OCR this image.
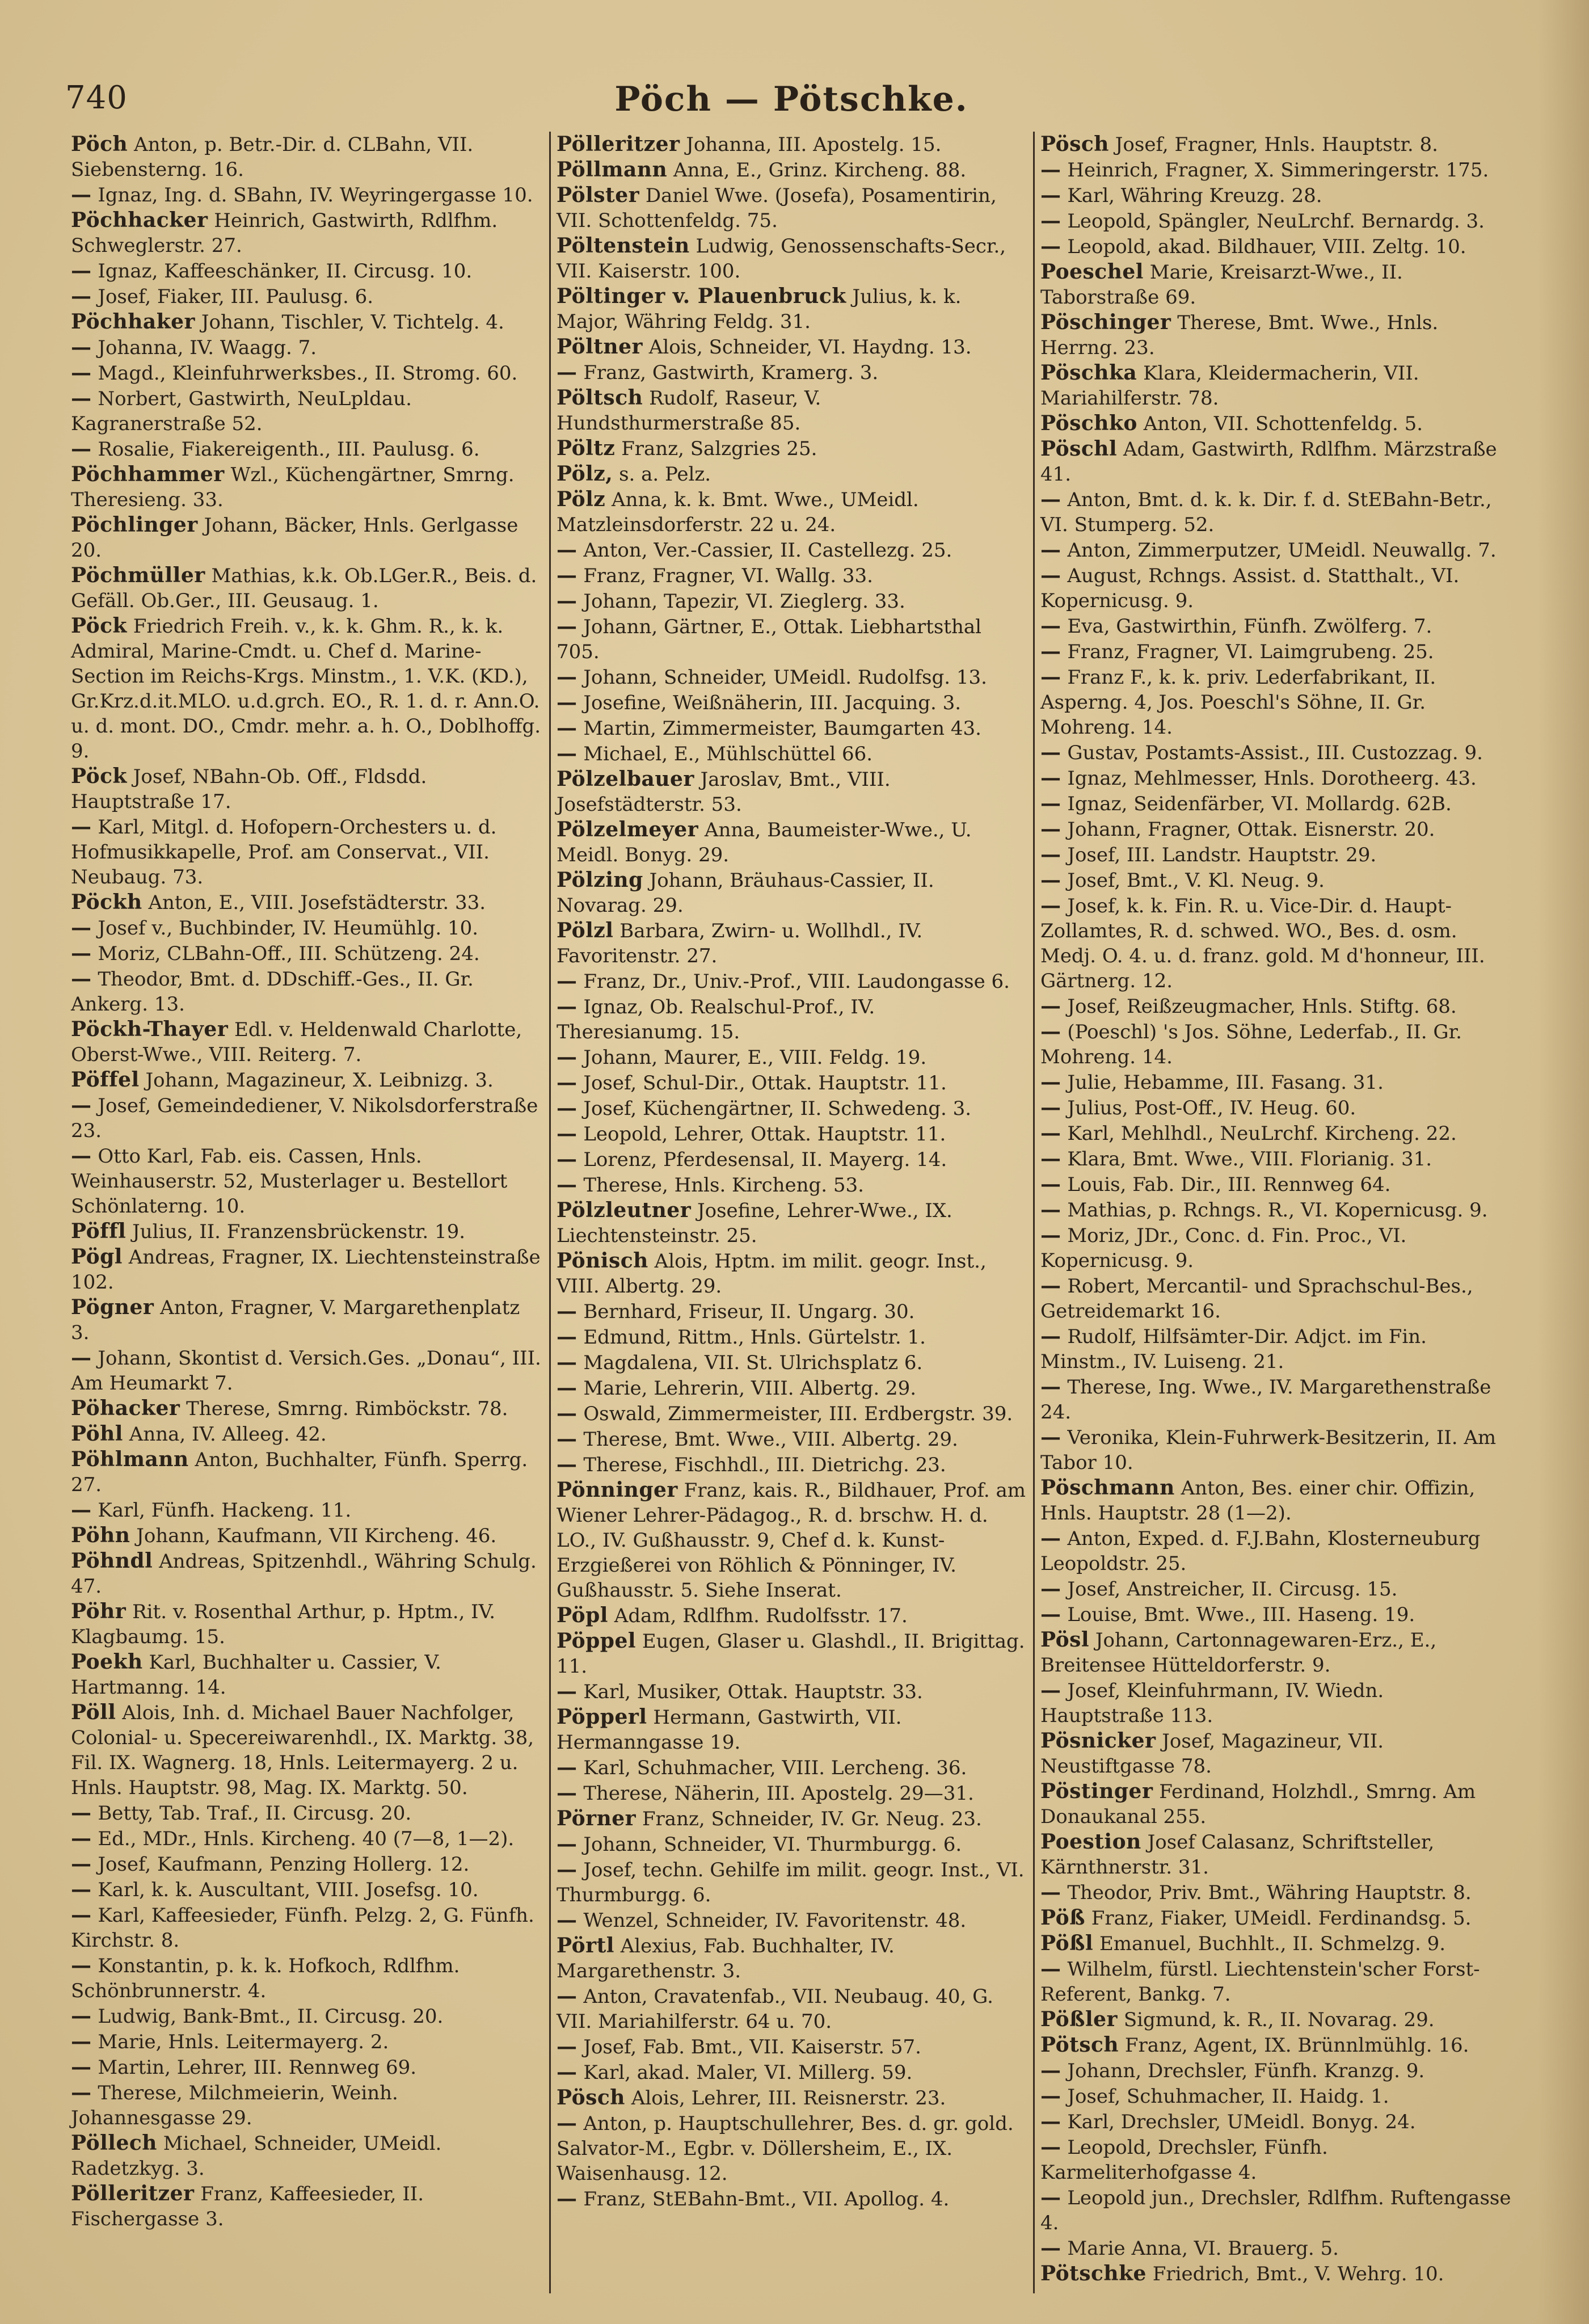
740	Pöch — Pötschke.

Pöch Anton, p. Betr.-Dir. d. CLBahn, VII. Siebensterng. 16.

— Ignaz, Ing. d. SBahn, IV. Weyringergasse 10.

Pöchhacker Heinrich, Gastwirth, Rdlfhm. Schweglerstr. 27.

— Ignaz, Kaffeeschänker, II. Circusg. 10.

— Josef, Fiaker, III. Paulusg. 6.

Pöchhaker Johann, Tischler, V. Tichtelg. 4.

— Johanna, IV. Waagg. 7.

— Magd., Kleinfuhrwerksbes., II. Stromg. 60.

— Norbert, Gastwirth, NeuLpldau. Kagranerstraße 52.

— Rosalie, Fiakereigenth., III. Paulusg. 6.

Pöchhammer Wzl., Küchengärtner, Smrng. Theresieng. 33.

Pöchlinger Johann, Bäcker, Hnls. Gerlgasse 20.

Pöchmüller Mathias, k.k. Ob.LGer.R., Beis. d. Gefäll. Ob.Ger., III. Geusaug. 1.

Pöck Friedrich Freih. v., k. k. Ghm. R., k. k. Admiral, Marine-Cmdt. u. Chef d. Marine-Section im Reichs-Krgs. Minstm., 1. V.K. (KD.), Gr.Krz.d.it.MLO. u.d.grch. EO., R. 1. d. r. Ann.O. u. d. mont. DO., Cmdr. mehr. a. h. O., Doblhoffg. 9.

Pöck Josef, NBahn-Ob. Off., Fldsdd. Hauptstraße 17.

— Karl, Mitgl. d. Hofopern-Orchesters u. d. Hofmusikkapelle, Prof. am Conservat., VII. Neubaug. 73.

Pöckh Anton, E., VIII. Josefstädterstr. 33.

— Josef v., Buchbinder, IV. Heumühlg. 10.

— Moriz, CLBahn-Off., III. Schützeng. 24.

— Theodor, Bmt. d. DDschiff.-Ges., II. Gr. Ankerg. 13.

Pöckh-Thayer Edl. v. Heldenwald Charlotte, Oberst-Wwe., VIII. Reiterg. 7.

Pöffel Johann, Magazineur, X. Leibnizg. 3.

— Josef, Gemeindediener, V. Nikolsdorferstraße 23.

— Otto Karl, Fab. eis. Cassen, Hnls. Weinhauserstr. 52, Musterlager u. Bestellort Schönlaterng. 10.

Pöffl Julius, II. Franzensbrückenstr. 19.

Pögl Andreas, Fragner, IX. Liechtensteinstraße 102.

Pögner Anton, Fragner, V. Margarethenplatz 3.

— Johann, Skontist d. Versich.Ges. „Donau“, III. Am Heumarkt 7.

Pöhacker Therese, Smrng. Rimböckstr. 78.

Pöhl Anna, IV. Alleeg. 42.

Pöhlmann Anton, Buchhalter, Fünfh. Sperrg. 27.

— Karl, Fünfh. Hackeng. 11.

Pöhn Johann, Kaufmann, VII Kircheng. 46.

Pöhndl Andreas, Spitzenhdl., Währing Schulg. 47.

Pöhr Rit. v. Rosenthal Arthur, p. Hptm., IV. Klagbaumg. 15.

Poekh Karl, Buchhalter u. Cassier, V. Hartmanng. 14.

Pöll Alois, Inh. d. Michael Bauer Nachfolger, Colonial- u. Specereiwarenhdl., IX. Marktg. 38, Fil. IX. Wagnerg. 18, Hnls. Leitermayerg. 2 u. Hnls. Hauptstr. 98, Mag. IX. Marktg. 50.

— Betty, Tab. Traf., II. Circusg. 20.

— Ed., MDr., Hnls. Kircheng. 40 (7—8, 1—2).

— Josef, Kaufmann, Penzing Hollerg. 12.

— Karl, k. k. Auscultant, VIII. Josefsg. 10.

— Karl, Kaffeesieder, Fünfh. Pelzg. 2, G. Fünfh. Kirchstr. 8.

— Konstantin, p. k. k. Hofkoch, Rdlfhm. Schönbrunnerstr. 4.

— Ludwig, Bank-Bmt., II. Circusg. 20.

— Marie, Hnls. Leitermayerg. 2.

— Martin, Lehrer, III. Rennweg 69.

— Therese, Milchmeierin, Weinh. Johannesgasse 29.

Pöllech Michael, Schneider, UMeidl. Radetzkyg. 3.

Pölleritzer Franz, Kaffeesieder, II. Fischergasse 3.

Pölleritzer Johanna, III. Apostelg. 15.

Pöllmann Anna, E., Grinz. Kircheng. 88.

Pölster Daniel Wwe. (Josefa), Posamentirin, VII. Schottenfeldg. 75.

Pöltenstein Ludwig, Genossenschafts-Secr., VII. Kaiserstr. 100.

Pöltinger v. Plauenbruck Julius, k. k. Major, Währing Feldg. 31.

Pöltner Alois, Schneider, VI. Haydng. 13.

— Franz, Gastwirth, Kramerg. 3.

Pöltsch Rudolf, Raseur, V. Hundsthurmerstraße 85.

Pöltz Franz, Salzgries 25.

Pölz, s. a. Pelz.

Pölz Anna, k. k. Bmt. Wwe., UMeidl. Matzleinsdorferstr. 22 u. 24.

— Anton, Ver.-Cassier, II. Castellezg. 25.

— Franz, Fragner, VI. Wallg. 33.

— Johann, Tapezir, VI. Zieglerg. 33.

— Johann, Gärtner, E., Ottak. Liebhartsthal 705.

— Johann, Schneider, UMeidl. Rudolfsg. 13.

— Josefine, Weißnäherin, III. Jacquing. 3.

— Martin, Zimmermeister, Baumgarten 43.

— Michael, E., Mühlschüttel 66.

Pölzelbauer Jaroslav, Bmt., VIII. Josefstädterstr. 53.

Pölzelmeyer Anna, Baumeister-Wwe., U. Meidl. Bonyg. 29.

Pölzing Johann, Bräuhaus-Cassier, II. Novarag. 29.

Pölzl Barbara, Zwirn- u. Wollhdl., IV. Favoritenstr. 27.

— Franz, Dr., Univ.-Prof., VIII. Laudongasse 6.

— Ignaz, Ob. Realschul-Prof., IV. Theresianumg. 15.

— Johann, Maurer, E., VIII. Feldg. 19.

— Josef, Schul-Dir., Ottak. Hauptstr. 11.

— Josef, Küchengärtner, II. Schwedeng. 3.

— Leopold, Lehrer, Ottak. Hauptstr. 11.

— Lorenz, Pferdesensal, II. Mayerg. 14.

— Therese, Hnls. Kircheng. 53.

Pölzleutner Josefine, Lehrer-Wwe., IX. Liechtensteinstr. 25.

Pönisch Alois, Hptm. im milit. geogr. Inst., VIII. Albertg. 29.

— Bernhard, Friseur, II. Ungarg. 30.

— Edmund, Rittm., Hnls. Gürtelstr. 1.

— Magdalena, VII. St. Ulrichsplatz 6.

— Marie, Lehrerin, VIII. Albertg. 29.

— Oswald, Zimmermeister, III. Erdbergstr. 39.

— Therese, Bmt. Wwe., VIII. Albertg. 29.

— Therese, Fischhdl., III. Dietrichg. 23.

Pönninger Franz, kais. R., Bildhauer, Prof. am Wiener Lehrer-Pädagog., R. d. brschw. H. d. LO., IV. Gußhausstr. 9, Chef d. k. Kunst-Erzgießerei von Röhlich & Pönninger, IV. Gußhausstr. 5. Siehe Inserat.

Pöpl Adam, Rdlfhm. Rudolfsstr. 17.

Pöppel Eugen, Glaser u. Glashdl., II. Brigittag. 11.

— Karl, Musiker, Ottak. Hauptstr. 33.

Pöpperl Hermann, Gastwirth, VII. Hermanngasse 19.

— Karl, Schuhmacher, VIII. Lercheng. 36.

— Therese, Näherin, III. Apostelg. 29—31.

Pörner Franz, Schneider, IV. Gr. Neug. 23.

— Johann, Schneider, VI. Thurmburgg. 6.

— Josef, techn. Gehilfe im milit. geogr. Inst., VI. Thurmburgg. 6.

— Wenzel, Schneider, IV. Favoritenstr. 48.

Pörtl Alexius, Fab. Buchhalter, IV. Margarethenstr. 3.

— Anton, Cravatenfab., VII. Neubaug. 40, G. VII. Mariahilferstr. 64 u. 70.

— Josef, Fab. Bmt., VII. Kaiserstr. 57.

— Karl, akad. Maler, VI. Millerg. 59.

Pösch Alois, Lehrer, III. Reisnerstr. 23.

— Anton, p. Hauptschullehrer, Bes. d. gr. gold. Salvator-M., Egbr. v. Döllersheim, E., IX. Waisenhausg. 12.

— Franz, StEBahn-Bmt., VII. Apollog. 4.

Pösch Josef, Fragner, Hnls. Hauptstr. 8.

— Heinrich, Fragner, X. Simmeringerstr. 175.

— Karl, Währing Kreuzg. 28.

— Leopold, Spängler, NeuLrchf. Bernardg. 3.

— Leopold, akad. Bildhauer, VIII. Zeltg. 10.

Poeschel Marie, Kreisarzt-Wwe., II. Taborstraße 69.

Pöschinger Therese, Bmt. Wwe., Hnls. Herrng. 23.

Pöschka Klara, Kleidermacherin, VII. Mariahilferstr. 78.

Pöschko Anton, VII. Schottenfeldg. 5.

Pöschl Adam, Gastwirth, Rdlfhm. Märzstraße 41.

— Anton, Bmt. d. k. k. Dir. f. d. StEBahn-Betr., VI. Stumperg. 52.

— Anton, Zimmerputzer, UMeidl. Neuwallg. 7.

— August, Rchngs. Assist. d. Statthalt., VI. Kopernicusg. 9.

— Eva, Gastwirthin, Fünfh. Zwölferg. 7.

— Franz, Fragner, VI. Laimgrubeng. 25.

— Franz F., k. k. priv. Lederfabrikant, II. Asperng. 4, Jos. Poeschl's Söhne, II. Gr. Mohreng. 14.

— Gustav, Postamts-Assist., III. Custozzag. 9.

— Ignaz, Mehlmesser, Hnls. Dorotheerg. 43.

— Ignaz, Seidenfärber, VI. Mollardg. 62B.

— Johann, Fragner, Ottak. Eisnerstr. 20.

— Josef, III. Landstr. Hauptstr. 29.

— Josef, Bmt., V. Kl. Neug. 9.

— Josef, k. k. Fin. R. u. Vice-Dir. d. Haupt-Zollamtes, R. d. schwed. WO., Bes. d. osm. Medj. O. 4. u. d. franz. gold. M d'honneur, III. Gärtnerg. 12.

— Josef, Reißzeugmacher, Hnls. Stiftg. 68.

— (Poeschl) 's Jos. Söhne, Lederfab., II. Gr. Mohreng. 14.

— Julie, Hebamme, III. Fasang. 31.

— Julius, Post-Off., IV. Heug. 60.

— Karl, Mehlhdl., NeuLrchf. Kircheng. 22.

— Klara, Bmt. Wwe., VIII. Florianig. 31.

— Louis, Fab. Dir., III. Rennweg 64.

— Mathias, p. Rchngs. R., VI. Kopernicusg. 9.

— Moriz, JDr., Conc. d. Fin. Proc., VI. Kopernicusg. 9.

— Robert, Mercantil- und Sprachschul-Bes., Getreidemarkt 16.

— Rudolf, Hilfsämter-Dir. Adjct. im Fin. Minstm., IV. Luiseng. 21.

— Therese, Ing. Wwe., IV. Margarethenstraße 24.

— Veronika, Klein-Fuhrwerk-Besitzerin, II. Am Tabor 10.

Pöschmann Anton, Bes. einer chir. Offizin, Hnls. Hauptstr. 28 (1—2).

— Anton, Exped. d. F.J.Bahn, Klosterneuburg Leopoldstr. 25.

— Josef, Anstreicher, II. Circusg. 15.

— Louise, Bmt. Wwe., III. Haseng. 19.

Pösl Johann, Cartonnagewaren-Erz., E., Breitensee Hütteldorferstr. 9.

— Josef, Kleinfuhrmann, IV. Wiedn. Hauptstraße 113.

Pösnicker Josef, Magazineur, VII. Neustiftgasse 78.

Pöstinger Ferdinand, Holzhdl., Smrng. Am Donaukanal 255.

Poestion Josef Calasanz, Schriftsteller, Kärnthnerstr. 31.

— Theodor, Priv. Bmt., Währing Hauptstr. 8.

Pöß Franz, Fiaker, UMeidl. Ferdinandsg. 5.

Pößl Emanuel, Buchhlt., II. Schmelzg. 9.

— Wilhelm, fürstl. Liechtenstein'scher Forst-Referent, Bankg. 7.

Pößler Sigmund, k. R., II. Novarag. 29.

Pötsch Franz, Agent, IX. Brünnlmühlg. 16.

— Johann, Drechsler, Fünfh. Kranzg. 9.

— Josef, Schuhmacher, II. Haidg. 1.

— Karl, Drechsler, UMeidl. Bonyg. 24.

— Leopold, Drechsler, Fünfh. Karmeliterhofgasse 4.

— Leopold jun., Drechsler, Rdlfhm. Ruftengasse 4.

— Marie Anna, VI. Brauerg. 5.

Pötschke Friedrich, Bmt., V. Wehrg. 10.
